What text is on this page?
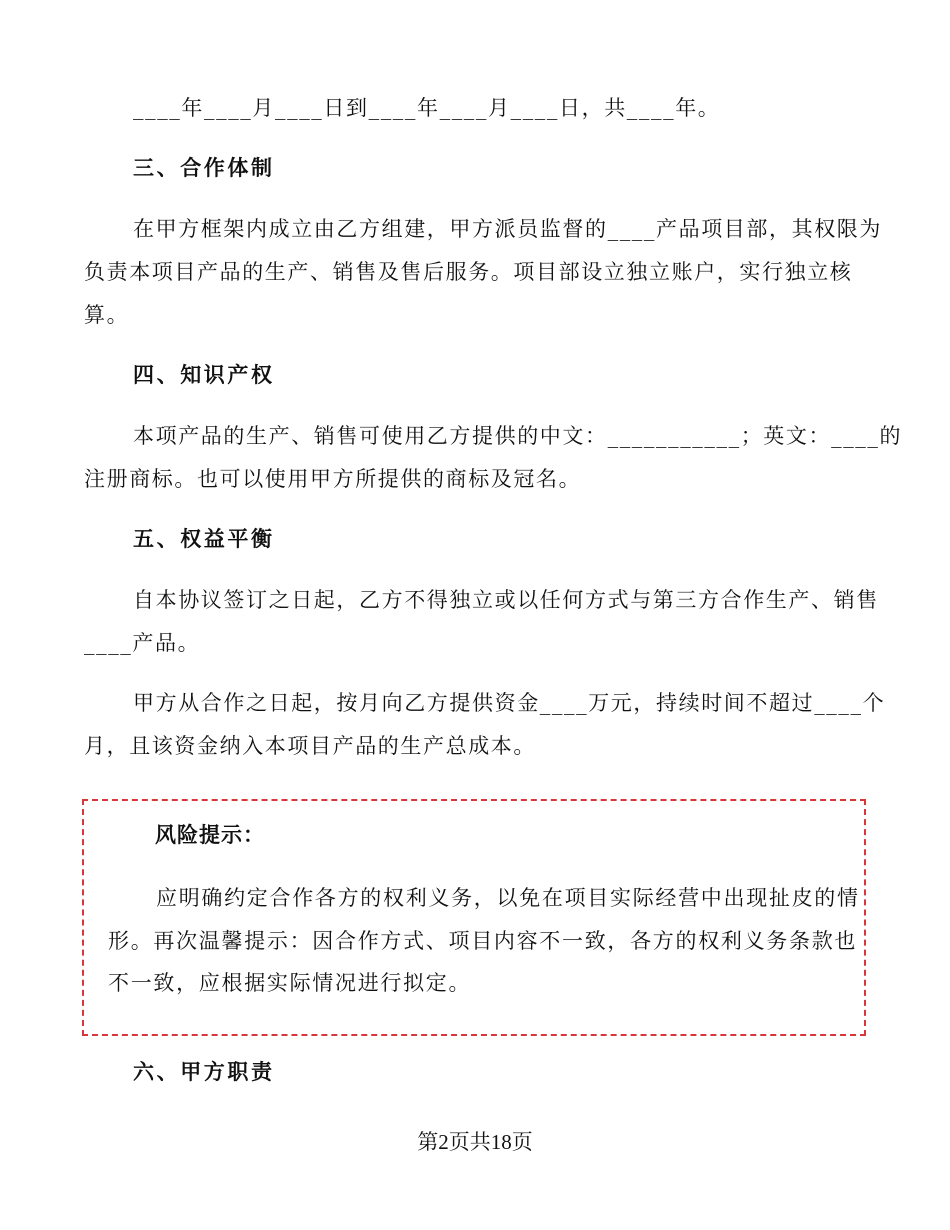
____年____月____日到____年____月____日，共____年。
三、合作体制
在甲方框架内成立由乙方组建，甲方派员监督的____产品项目部，其权限为
负责本项目产品的生产、销售及售后服务。项目部设立独立账户，实行独立核
算。
四、知识产权
本项产品的生产、销售可使用乙方提供的中文：___________；英文：____的
注册商标。也可以使用甲方所提供的商标及冠名。
五、权益平衡
自本协议签订之日起，乙方不得独立或以任何方式与第三方合作生产、销售
____产品。
甲方从合作之日起，按月向乙方提供资金____万元，持续时间不超过____个
月，且该资金纳入本项目产品的生产总成本。
风险提示：
应明确约定合作各方的权利义务，以免在项目实际经营中出现扯皮的情
形。再次温馨提示：因合作方式、项目内容不一致，各方的权利义务条款也
不一致，应根据实际情况进行拟定。
六、甲方职责
第2页共18页
